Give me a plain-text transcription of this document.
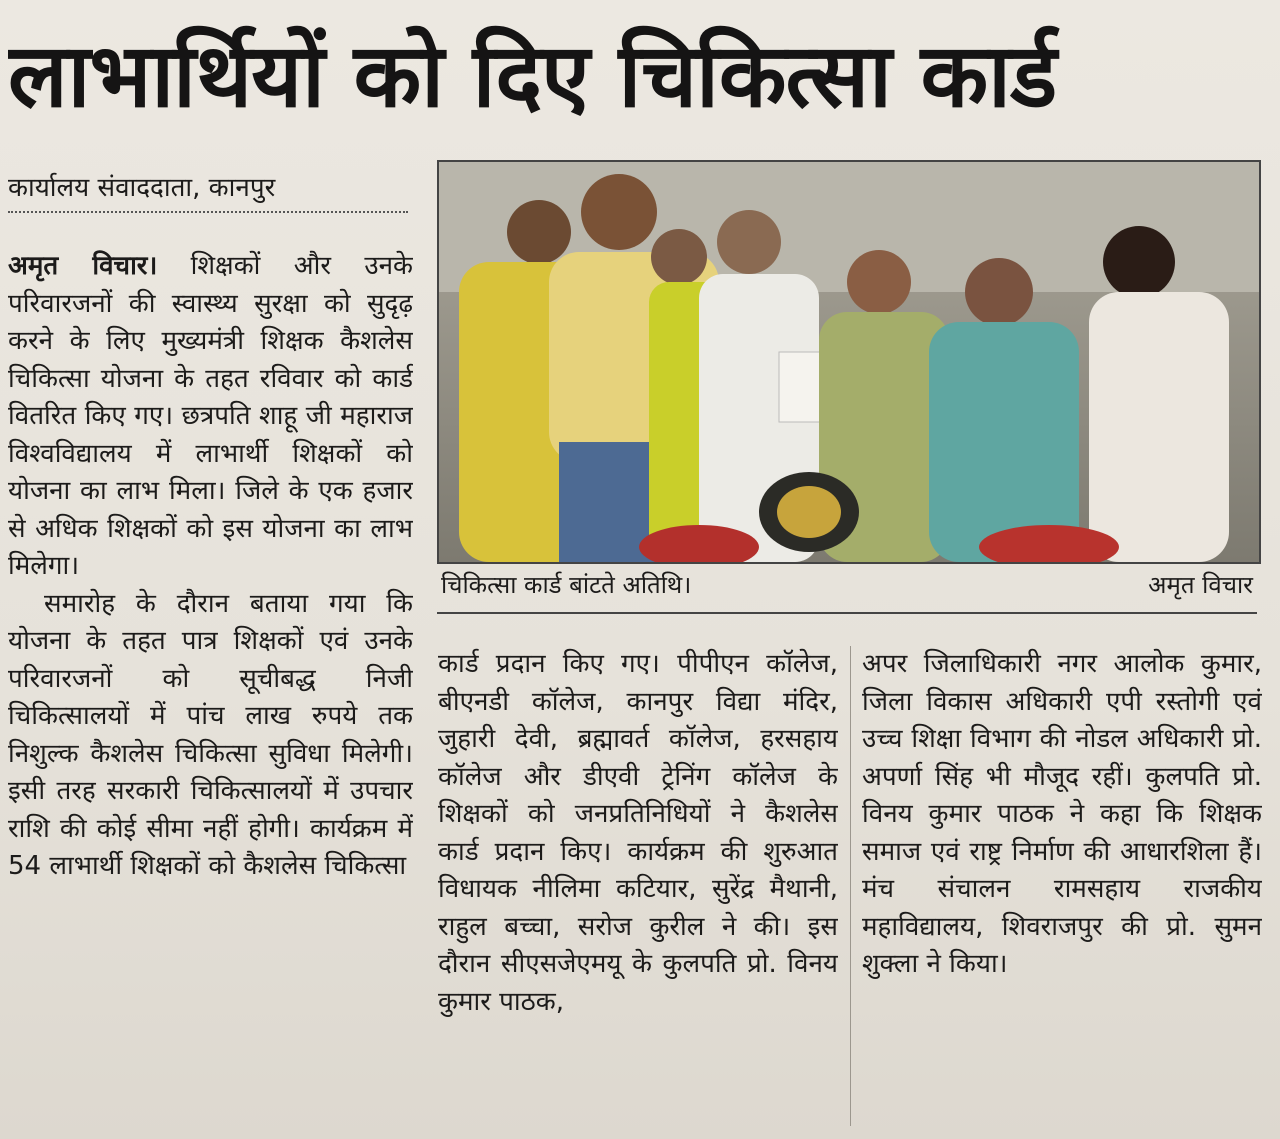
लाभार्थियों को दिए चिकित्सा कार्ड
कार्यालय संवाददाता, कानपुर

अमृत विचार। शिक्षकों और उनके परिवारजनों की स्वास्थ्य सुरक्षा को सुदृढ़ करने के लिए मुख्यमंत्री शिक्षक कैशलेस चिकित्सा योजना के तहत रविवार को कार्ड वितरित किए गए। छत्रपति शाहू जी महाराज विश्वविद्यालय में लाभार्थी शिक्षकों को योजना का लाभ मिला। जिले के एक हजार से अधिक शिक्षकों को इस योजना का लाभ मिलेगा।

समारोह के दौरान बताया गया कि योजना के तहत पात्र शिक्षकों एवं उनके परिवारजनों को सूचीबद्ध निजी चिकित्सालयों में पांच लाख रुपये तक निशुल्क कैशलेस चिकित्सा सुविधा मिलेगी। इसी तरह सरकारी चिकित्सालयों में उपचार राशि की कोई सीमा नहीं होगी। कार्यक्रम में 54 लाभार्थी शिक्षकों को कैशलेस चिकित्सा

चिकित्सा कार्ड बांटते अतिथि।	अमृत विचार

कार्ड प्रदान किए गए। पीपीएन कॉलेज, बीएनडी कॉलेज, कानपुर विद्या मंदिर, जुहारी देवी, ब्रह्मावर्त कॉलेज, हरसहाय कॉलेज और डीएवी ट्रेनिंग कॉलेज के शिक्षकों को जनप्रतिनिधियों ने कैशलेस कार्ड प्रदान किए। कार्यक्रम की शुरुआत विधायक नीलिमा कटियार, सुरेंद्र मैथानी, राहुल बच्चा, सरोज कुरील ने की। इस दौरान सीएसजेएमयू के कुलपति प्रो. विनय कुमार पाठक,

अपर जिलाधिकारी नगर आलोक कुमार, जिला विकास अधिकारी एपी रस्तोगी एवं उच्च शिक्षा विभाग की नोडल अधिकारी प्रो. अपर्णा सिंह भी मौजूद रहीं। कुलपति प्रो. विनय कुमार पाठक ने कहा कि शिक्षक समाज एवं राष्ट्र निर्माण की आधारशिला हैं। मंच संचालन रामसहाय राजकीय महाविद्यालय, शिवराजपुर की प्रो. सुमन शुक्ला ने किया।
